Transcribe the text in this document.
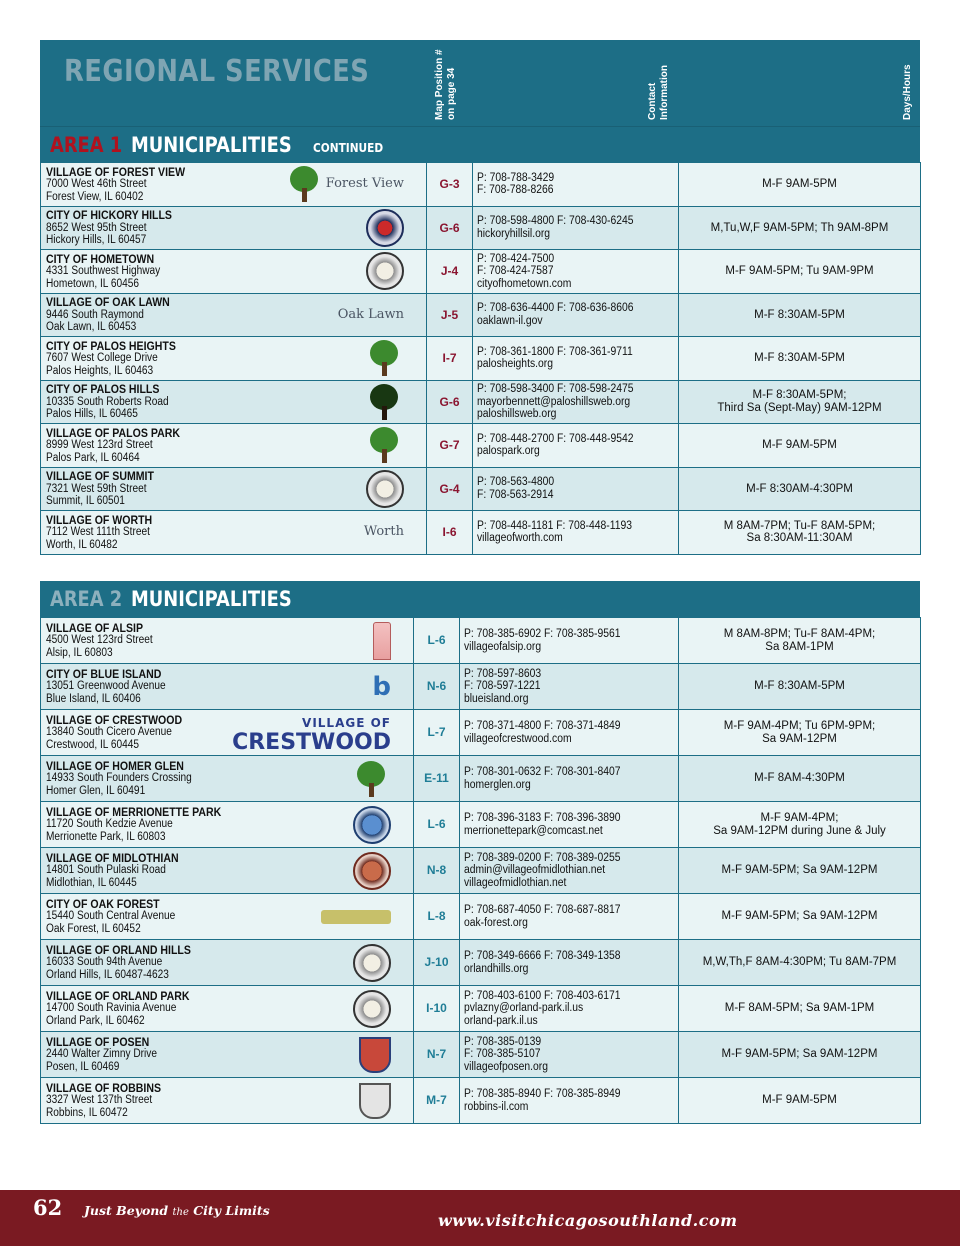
REGIONAL SERVICES	Map Position #
on page 34	Contact
Information	Days/Hours
AREA 1 MUNICIPALITIES CONTINUED
VILLAGE OF FOREST VIEW
7000 West 46th Street
Forest View, IL 60402
Forest View	G-3	P: 708-788-3429
F: 708-788-8266	M-F 9AM-5PM

CITY OF HICKORY HILLS
8652 West 95th Street
Hickory Hills, IL 60457	G-6	P: 708-598-4800 F: 708-430-6245
hickoryhillsil.org	M,Tu,W,F 9AM-5PM; Th 9AM-8PM

CITY OF HOMETOWN
4331 Southwest Highway
Hometown, IL 60456	J-4	P: 708-424-7500
F: 708-424-7587
cityofhometown.com	M-F 9AM-5PM; Tu 9AM-9PM

VILLAGE OF OAK LAWN
9446 South Raymond
Oak Lawn, IL 60453
Oak Lawn	J-5	P: 708-636-4400 F: 708-636-8606
oaklawn-il.gov	M-F 8:30AM-5PM

CITY OF PALOS HEIGHTS
7607 West College Drive
Palos Heights, IL 60463	I-7	P: 708-361-1800 F: 708-361-9711
palosheights.org	M-F 8:30AM-5PM

CITY OF PALOS HILLS
10335 South Roberts Road
Palos Hills, IL 60465	G-6	P: 708-598-3400 F: 708-598-2475
mayorbennett@paloshillsweb.org
paloshillsweb.org	M-F 8:30AM-5PM;
Third Sa (Sept-May) 9AM-12PM

VILLAGE OF PALOS PARK
8999 West 123rd Street
Palos Park, IL 60464	G-7	P: 708-448-2700 F: 708-448-9542
palospark.org	M-F 9AM-5PM

VILLAGE OF SUMMIT
7321 West 59th Street
Summit, IL 60501	G-4	P: 708-563-4800
F: 708-563-2914	M-F 8:30AM-4:30PM

VILLAGE OF WORTH
7112 West 111th Street
Worth, IL 60482
Worth	I-6	P: 708-448-1181 F: 708-448-1193
villageofworth.com	M 8AM-7PM; Tu-F 8AM-5PM;
Sa 8:30AM-11:30AM
AREA 2 MUNICIPALITIES
VILLAGE OF ALSIP
4500 West 123rd Street
Alsip, IL 60803	L-6	P: 708-385-6902 F: 708-385-9561
villageofalsip.org	M 8AM-8PM; Tu-F 8AM-4PM;
Sa 8AM-1PM

CITY OF BLUE ISLAND
13051 Greenwood Avenue
Blue Island, IL 60406 b	N-6	P: 708-597-8603
F: 708-597-1221
blueisland.org	M-F 8:30AM-5PM

VILLAGE OF CRESTWOOD
13840 South Cicero Avenue
Crestwood, IL 60445
VILLAGE OF
CRESTWOOD	L-7	P: 708-371-4800 F: 708-371-4849
villageofcrestwood.com	M-F 9AM-4PM; Tu 6PM-9PM;
Sa 9AM-12PM

VILLAGE OF HOMER GLEN
14933 South Founders Crossing
Homer Glen, IL 60491	E-11	P: 708-301-0632 F: 708-301-8407
homerglen.org	M-F 8AM-4:30PM

VILLAGE OF MERRIONETTE PARK
11720 South Kedzie Avenue
Merrionette Park, IL 60803	L-6	P: 708-396-3183 F: 708-396-3890
merrionettepark@comcast.net	M-F 9AM-4PM;
Sa 9AM-12PM during June & July

VILLAGE OF MIDLOTHIAN
14801 South Pulaski Road
Midlothian, IL 60445	N-8	P: 708-389-0200 F: 708-389-0255
admin@villageofmidlothian.net
villageofmidlothian.net	M-F 9AM-5PM; Sa 9AM-12PM

CITY OF OAK FOREST
15440 South Central Avenue
Oak Forest, IL 60452	L-8	P: 708-687-4050 F: 708-687-8817
oak-forest.org	M-F 9AM-5PM; Sa 9AM-12PM

VILLAGE OF ORLAND HILLS
16033 South 94th Avenue
Orland Hills, IL 60487-4623	J-10	P: 708-349-6666 F: 708-349-1358
orlandhills.org	M,W,Th,F 8AM-4:30PM; Tu 8AM-7PM

VILLAGE OF ORLAND PARK
14700 South Ravinia Avenue
Orland Park, IL 60462	I-10	P: 708-403-6100 F: 708-403-6171
pvlazny@orland-park.il.us
orland-park.il.us	M-F 8AM-5PM; Sa 9AM-1PM

VILLAGE OF POSEN
2440 Walter Zimny Drive
Posen, IL 60469	N-7	P: 708-385-0139
F: 708-385-5107
villageofposen.org	M-F 9AM-5PM; Sa 9AM-12PM

VILLAGE OF ROBBINS
3327 West 137th Street
Robbins, IL 60472	M-7	P: 708-385-8940 F: 708-385-8949
robbins-il.com	M-F 9AM-5PM
62 Just Beyond the City Limits
www.visitchicagosouthland.com
